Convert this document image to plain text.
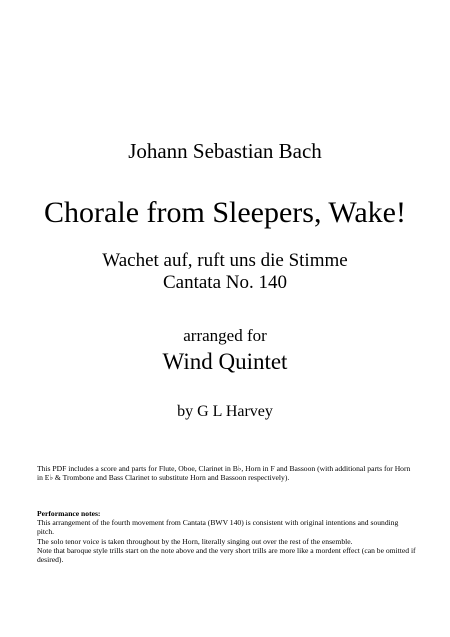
Johann Sebastian Bach
Chorale from Sleepers, Wake!
Wachet auf, ruft uns die Stimme
Cantata No. 140
arranged for
Wind Quintet
by G L Harvey

This PDF includes a score and parts for Flute, Oboe, Clarinet in B♭, Horn in F and Bassoon (with additional parts for Horn in E♭ & Trombone and Bass Clarinet to substitute Horn and Bassoon respectively).

Performance notes:

This arrangement of the fourth movement from Cantata (BWV 140) is consistent with original intentions and sounding pitch.

The solo tenor voice is taken throughout by the Horn, literally singing out over the rest of the ensemble.

Note that baroque style trills start on the note above and the very short trills are more like a mordent effect (can be omitted if desired).
